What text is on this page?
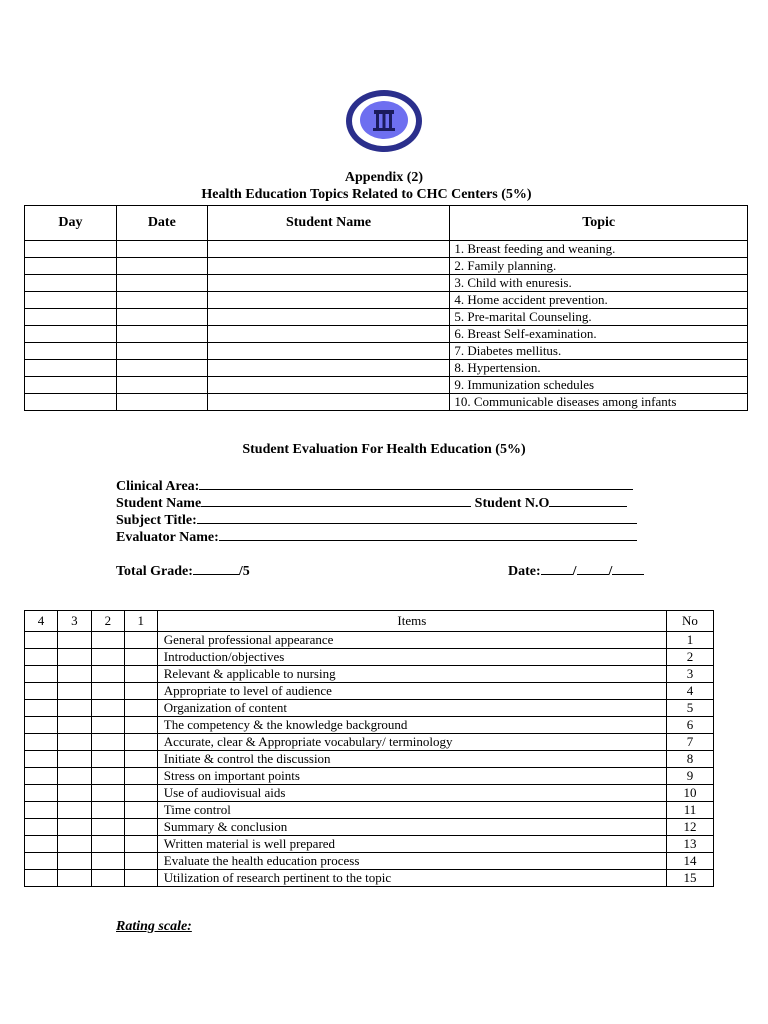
Appendix (2)
Health Education Topics Related to CHC Centers (5%)
Day	Date	Student Name	Topic
			1. Breast feeding and weaning.
			2. Family planning.
			3. Child with enuresis.
			4. Home accident prevention.
			5. Pre-marital Counseling.
			6. Breast Self-examination.
			7. Diabetes mellitus.
			8. Hypertension.
			9. Immunization schedules
			10. Communicable diseases among infants
Student Evaluation For Health Education (5%)
Clinical Area:
Student Name	Student N.O
Subject Title:
Evaluator Name:
Total Grade:	/5	Date: / /
4	3	2	1	Items	No
				General professional appearance	1
				Introduction/objectives	2
				Relevant & applicable to nursing	3
				Appropriate to level of audience	4
				Organization of content	5
				The competency & the knowledge background	6
				Accurate, clear & Appropriate vocabulary/ terminology	7
				Initiate & control the discussion	8
				Stress on important points	9
				Use of audiovisual aids	10
				Time control	11
				Summary & conclusion	12
				Written material is well prepared	13
				Evaluate the health education process	14
				Utilization of research pertinent to the topic	15
Rating scale:
